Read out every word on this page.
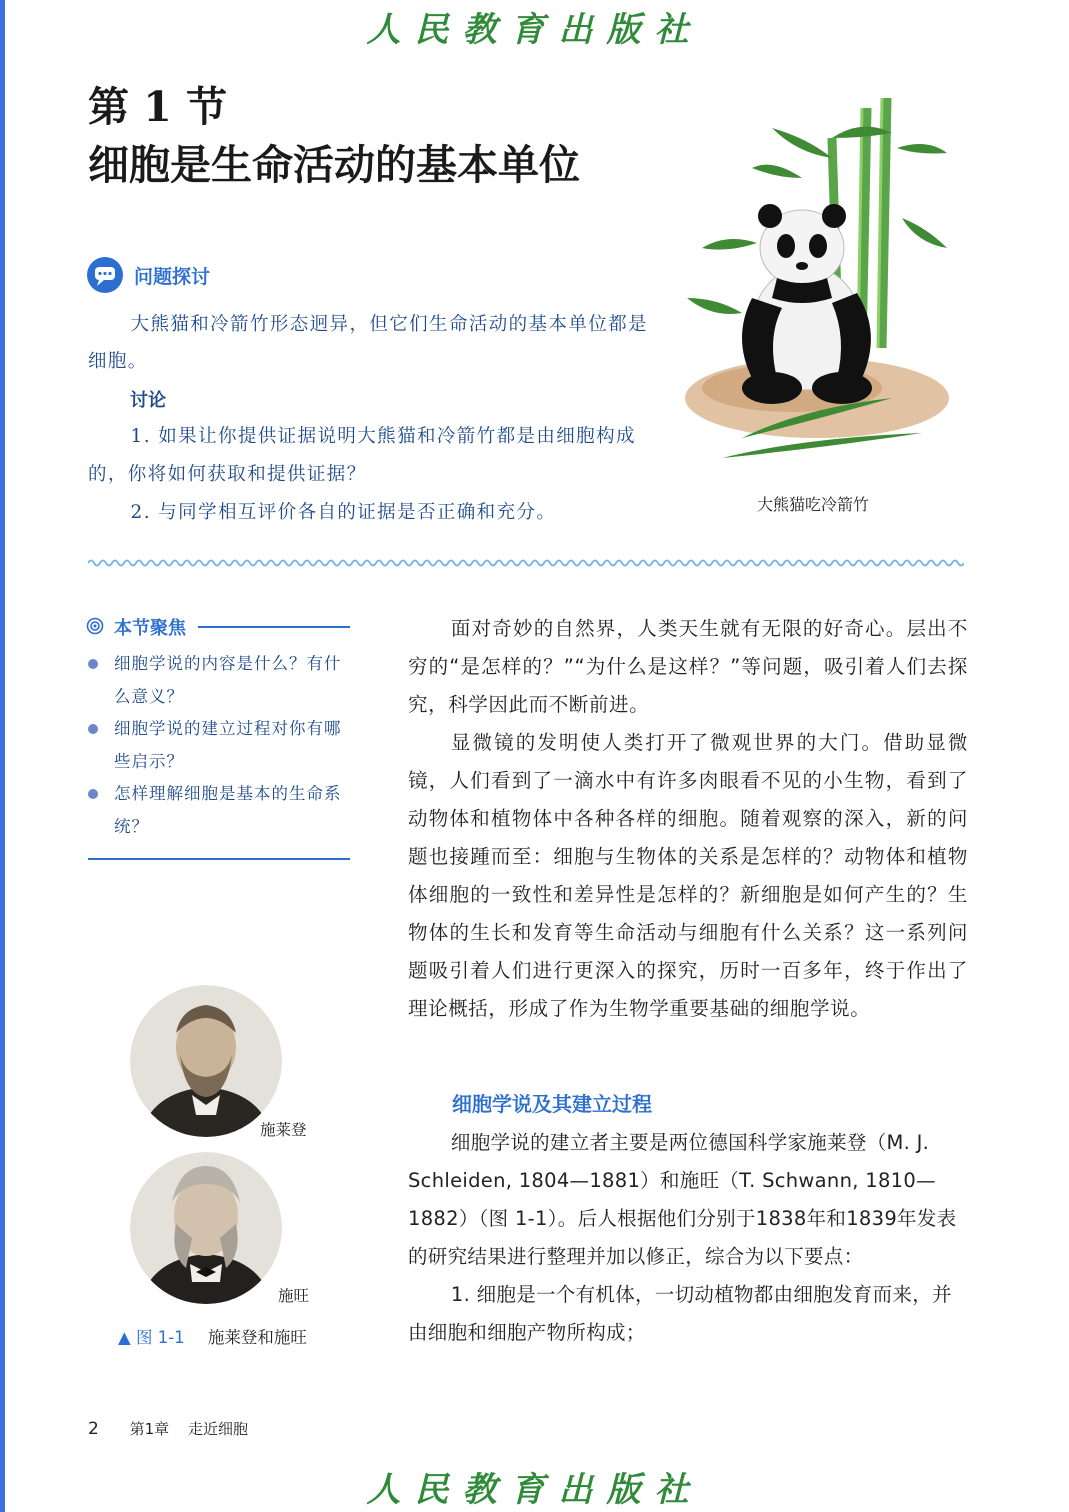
人民教育出版社
第 1 节
细胞是生命活动的基本单位
大熊猫吃冷箭竹
问题探讨

大熊猫和冷箭竹形态迥异，但它们生命活动的基本单位都是细胞。

讨论

1. 如果让你提供证据说明大熊猫和冷箭竹都是由细胞构成的，你将如何获取和提供证据？

2. 与同学相互评价各自的证据是否正确和充分。

本节聚焦
细胞学说的内容是什么？有什么意义？
细胞学说的建立过程对你有哪些启示？
怎样理解细胞是基本的生命系统？

面对奇妙的自然界，人类天生就有无限的好奇心。层出不穷的“是怎样的？”“为什么是这样？”等问题，吸引着人们去探究，科学因此而不断前进。

显微镜的发明使人类打开了微观世界的大门。借助显微镜，人们看到了一滴水中有许多肉眼看不见的小生物，看到了动物体和植物体中各种各样的细胞。随着观察的深入，新的问题也接踵而至：细胞与生物体的关系是怎样的？动物体和植物体细胞的一致性和差异性是怎样的？新细胞是如何产生的？生物体的生长和发育等生命活动与细胞有什么关系？这一系列问题吸引着人们进行更深入的探究，历时一百多年，终于作出了理论概括，形成了作为生物学重要基础的细胞学说。

细胞学说及其建立过程

细胞学说的建立者主要是两位德国科学家施莱登（M. J. Schleiden, 1804—1881）和施旺（T. Schwann, 1810—1882）（图 1-1）。后人根据他们分别于1838年和1839年发表的研究结果进行整理并加以修正，综合为以下要点：

1. 细胞是一个有机体，一切动植物都由细胞发育而来，并由细胞和细胞产物所构成；

施莱登
施旺
▲ 图 1-1 施莱登和施旺
2 第1章 走近细胞
人民教育出版社
